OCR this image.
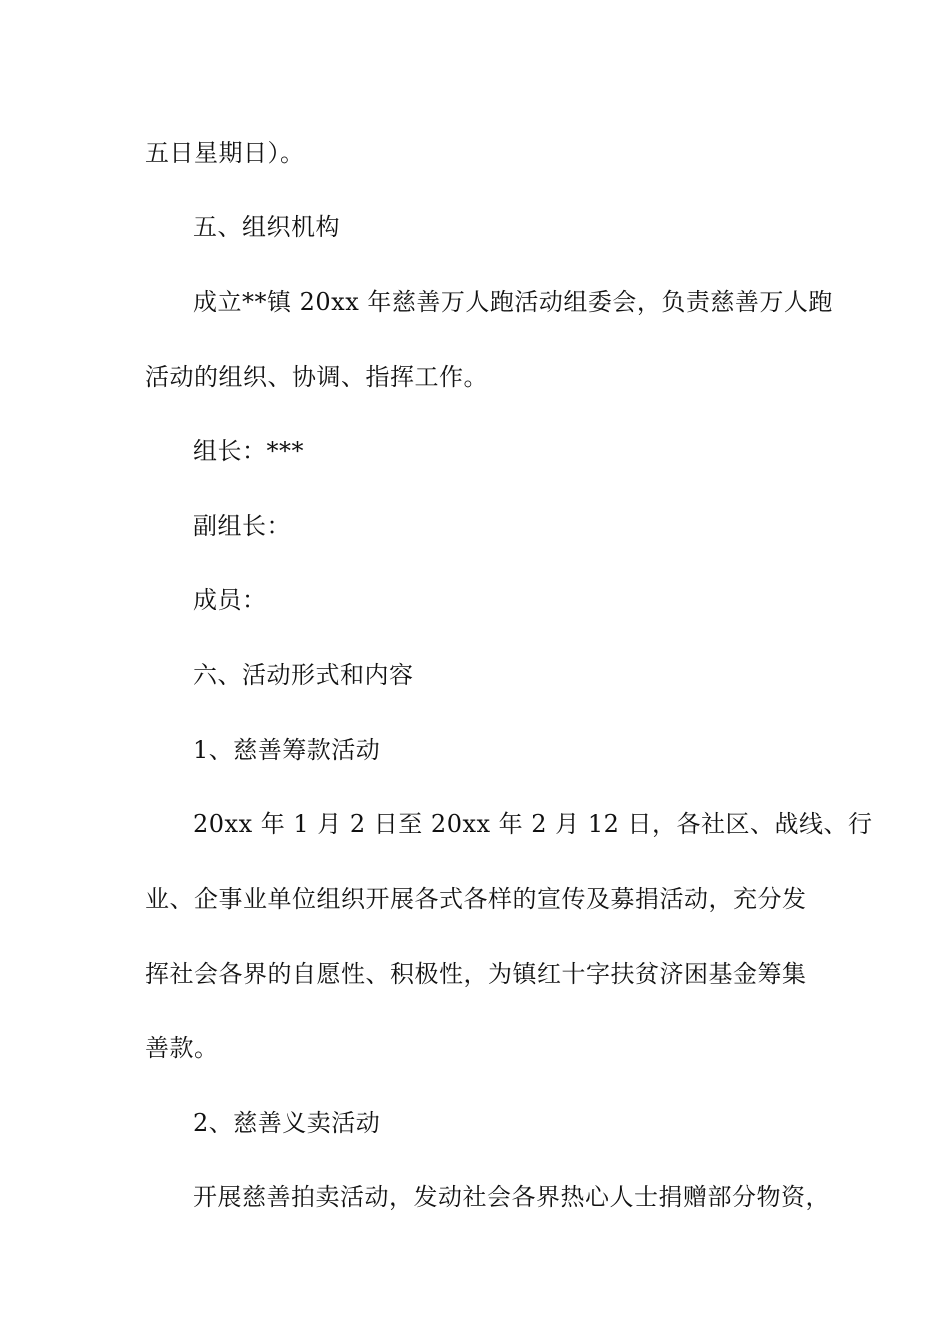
五日星期日）。
五、组织机构
成立**镇 20xx 年慈善万人跑活动组委会，负责慈善万人跑
活动的组织、协调、指挥工作。
组长：***
副组长：
成员：
六、活动形式和内容
1、慈善筹款活动
20xx 年 1 月 2 日至 20xx 年 2 月 12 日，各社区、战线、行
业、企事业单位组织开展各式各样的宣传及募捐活动，充分发
挥社会各界的自愿性、积极性，为镇红十字扶贫济困基金筹集
善款。
2、慈善义卖活动
开展慈善拍卖活动，发动社会各界热心人士捐赠部分物资，
